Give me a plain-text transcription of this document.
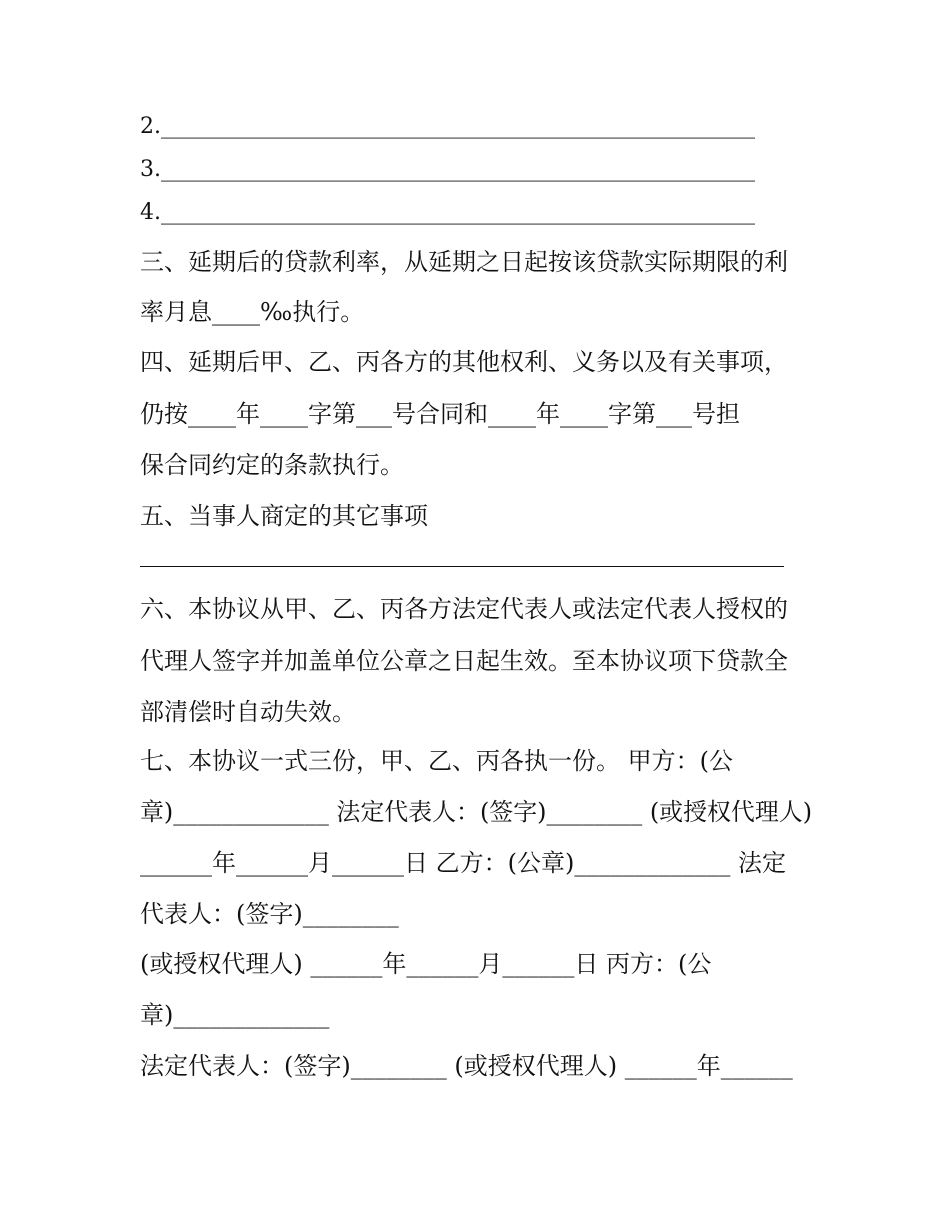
2.______________________________________________________
3.______________________________________________________
4.______________________________________________________
三、延期后的贷款利率，从延期之日起按该贷款实际期限的利
率月息____‰执行。
四、延期后甲、乙、丙各方的其他权利、义务以及有关事项，
仍按____年____字第___号合同和____年____字第___号担
保合同约定的条款执行。
五、当事人商定的其它事项
六、本协议从甲、乙、丙各方法定代表人或法定代表人授权的
代理人签字并加盖单位公章之日起生效。至本协议项下贷款全
部清偿时自动失效。
七、本协议一式三份，甲、乙、丙各执一份。 甲方：(公
章)_____________ 法定代表人：(签字)________ (或授权代理人)
______年______月______日 乙方：(公章)_____________ 法定
代表人：(签字)________
(或授权代理人) ______年______月______日 丙方：(公
章)_____________
法定代表人：(签字)________ (或授权代理人) ______年______
